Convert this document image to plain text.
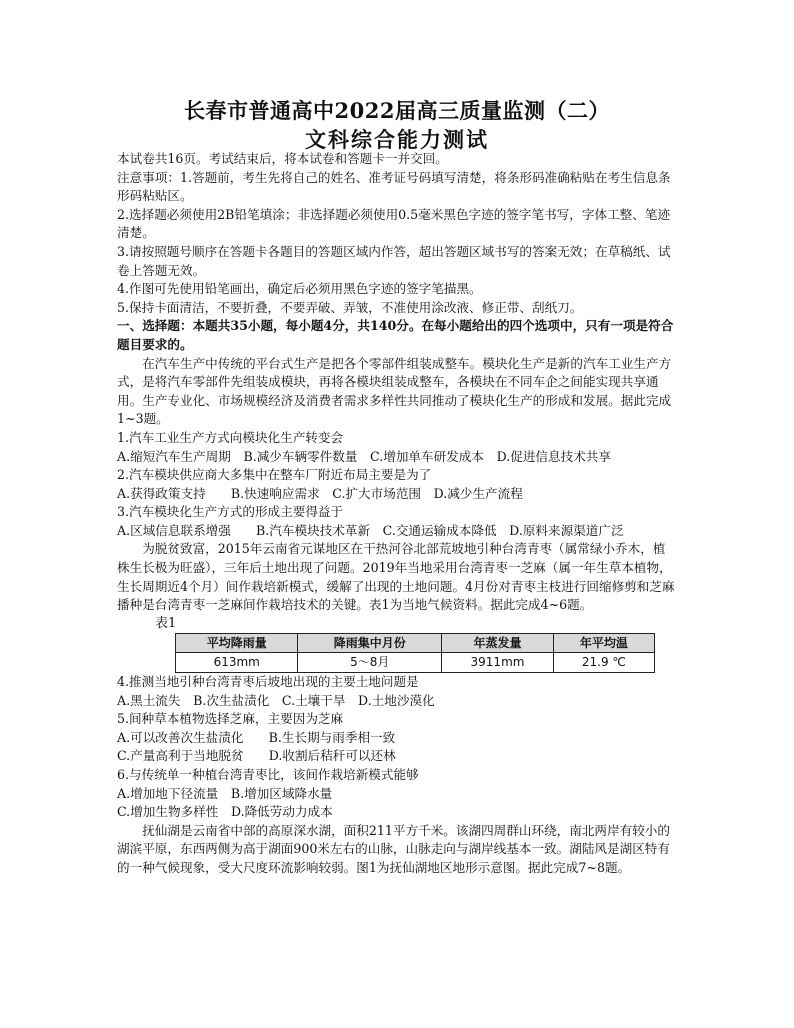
长春市普通高中2022届高三质量监测（二）
文科综合能力测试

本试卷共16页。考试结束后，将本试卷和答题卡一并交回。

注意事项：1.答题前，考生先将自己的姓名、准考证号码填写清楚，将条形码准确粘贴在考生信息条形码粘贴区。

2.选择题必须使用2B铅笔填涂；非选择题必须使用0.5毫米黑色字迹的签字笔书写，字体工整、笔迹清楚。

3.请按照题号顺序在答题卡各题目的答题区域内作答，超出答题区域书写的答案无效；在草稿纸、试卷上答题无效。

4.作图可先使用铅笔画出，确定后必须用黑色字迹的签字笔描黑。

5.保持卡面清洁，不要折叠，不要弄破、弄皱，不准使用涂改液、修正带、刮纸刀。

一、选择题：本题共35小题，每小题4分，共140分。在每小题给出的四个选项中，只有一项是符合题目要求的。

在汽车生产中传统的平台式生产是把各个零部件组装成整车。模块化生产是新的汽车工业生产方式，是将汽车零部件先组装成模块，再将各模块组装成整车，各模块在不同车企之间能实现共享通用。生产专业化、市场规模经济及消费者需求多样性共同推动了模块化生产的形成和发展。据此完成1~3题。

1.汽车工业生产方式向模块化生产转变会

A.缩短汽车生产周期　B.减少车辆零件数量　C.增加单车研发成本　D.促进信息技术共享

2.汽车模块供应商大多集中在整车厂附近布局主要是为了

A.获得政策支持　　B.快速响应需求　C.扩大市场范围　D.减少生产流程

3.汽车模块化生产方式的形成主要得益于

A.区域信息联系增强　　B.汽车模块技术革新　C.交通运输成本降低　D.原料来源渠道广泛

为脱贫致富，2015年云南省元谋地区在干热河谷北部荒坡地引种台湾青枣（属常绿小乔木，植株生长极为旺盛），三年后土地出现了问题。2019年当地采用台湾青枣一芝麻（属一年生草本植物，生长周期近4个月）间作栽培新模式，缓解了出现的土地问题。4月份对青枣主枝进行回缩修剪和芝麻播种是台湾青枣一芝麻间作栽培技术的关键。表1为当地气候资料。据此完成4~6题。

表1

平均降雨量	降雨集中月份	年蒸发量	年平均温
613mm	5～8月	3911mm	21.9 ℃

4.推测当地引种台湾青枣后坡地出现的主要土地问题是

A.黑土流失　B.次生盐渍化　C.土壤干旱　D.土地沙漠化

5.间种草本植物选择芝麻，主要因为芝麻

A.可以改善次生盐渍化　　B.生长期与雨季相一致

C.产量高利于当地脱贫　　D.收割后秸秆可以还林

6.与传统单一种植台湾青枣比，该间作栽培新模式能够

A.增加地下径流量　B.增加区域降水量

C.增加生物多样性　D.降低劳动力成本

抚仙湖是云南省中部的高原深水湖，面积211平方千米。该湖四周群山环绕，南北两岸有较小的湖滨平原，东西两侧为高于湖面900米左右的山脉，山脉走向与湖岸线基本一致。湖陆风是湖区特有的一种气候现象，受大尺度环流影响较弱。图1为抚仙湖地区地形示意图。据此完成7~8题。
